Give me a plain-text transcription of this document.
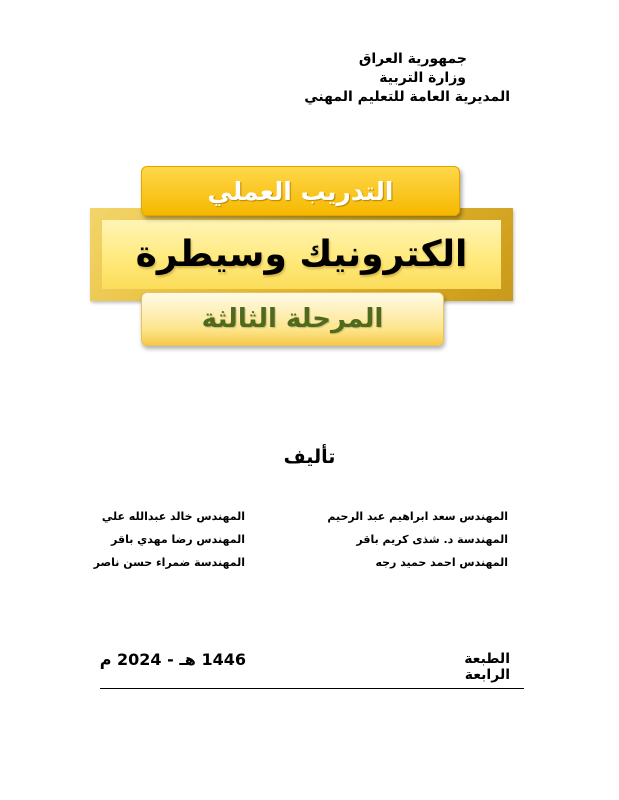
جمهورية العراق
وزارة التربية
المديرية العامة للتعليم المهني
الكترونيك وسيطرة
التدريب العملي
المرحلة الثالثة
تأليف
المهندس سعد ابراهيم عبد الرحيم
المهندسة د. شذى كريم باقر
المهندس احمد حميد رجه
المهندس خالد عبدالله علي
المهندس رضا مهدي باقر
المهندسة ضمراء حسن ناصر
الطبعة الرابعة
1446 هـ - 2024 م
